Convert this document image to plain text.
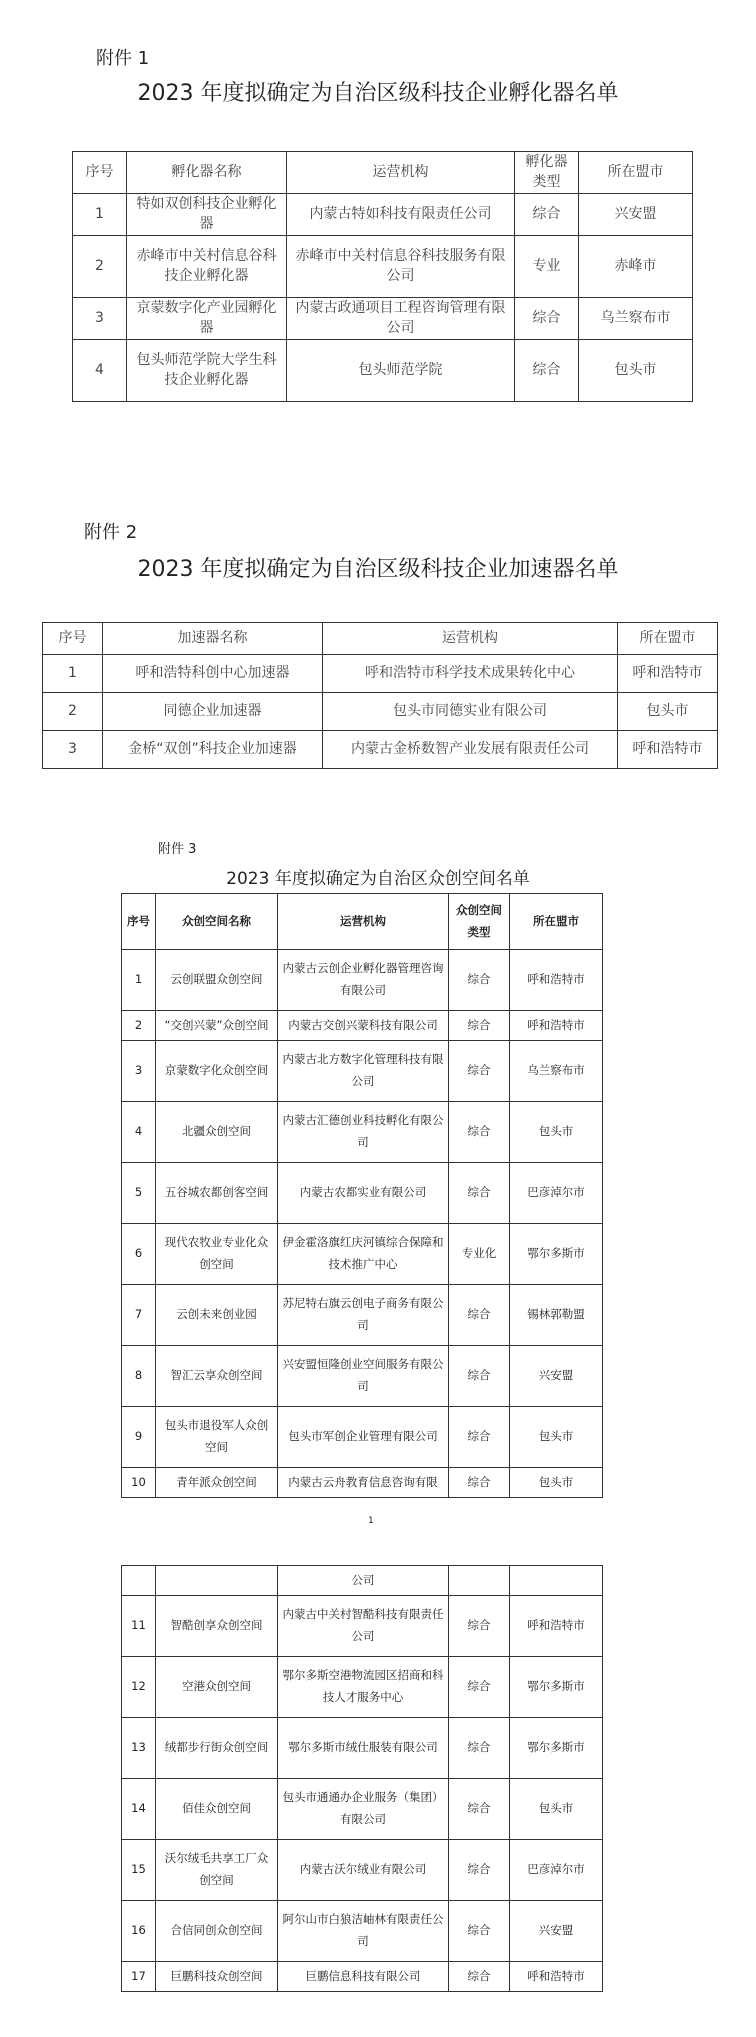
附件 1
2023 年度拟确定为自治区级科技企业孵化器名单
序号	孵化器名称	运营机构	孵化器类型	所在盟市
1	特如双创科技企业孵化器	内蒙古特如科技有限责任公司	综合	兴安盟
2	赤峰市中关村信息谷科技企业孵化器	赤峰市中关村信息谷科技服务有限公司	专业	赤峰市
3	京蒙数字化产业园孵化器	内蒙古政通项目工程咨询管理有限公司	综合	乌兰察布市
4	包头师范学院大学生科技企业孵化器	包头师范学院	综合	包头市
附件 2
2023 年度拟确定为自治区级科技企业加速器名单
序号	加速器名称	运营机构	所在盟市
1	呼和浩特科创中心加速器	呼和浩特市科学技术成果转化中心	呼和浩特市
2	同德企业加速器	包头市同德实业有限公司	包头市
3	金桥“双创”科技企业加速器	内蒙古金桥数智产业发展有限责任公司	呼和浩特市
附件 3
2023 年度拟确定为自治区众创空间名单
序号	众创空间名称	运营机构	众创空间类型	所在盟市
1	云创联盟众创空间	内蒙古云创企业孵化器管理咨询有限公司	综合	呼和浩特市
2	“交创兴蒙”众创空间	内蒙古交创兴蒙科技有限公司	综合	呼和浩特市
3	京蒙数字化众创空间	内蒙古北方数字化管理科技有限公司	综合	乌兰察布市
4	北疆众创空间	内蒙古汇德创业科技孵化有限公司	综合	包头市
5	五谷城农都创客空间	内蒙古农都实业有限公司	综合	巴彦淖尔市
6	现代农牧业专业化众创空间	伊金霍洛旗红庆河镇综合保障和技术推广中心	专业化	鄂尔多斯市
7	云创未来创业园	苏尼特右旗云创电子商务有限公司	综合	锡林郭勒盟
8	智汇云享众创空间	兴安盟恒隆创业空间服务有限公司	综合	兴安盟
9	包头市退役军人众创空间	包头市军创企业管理有限公司	综合	包头市
10	青年派众创空间	内蒙古云舟教育信息咨询有限	综合	包头市
1
		公司		
11	智酷创享众创空间	内蒙古中关村智酷科技有限责任公司	综合	呼和浩特市
12	空港众创空间	鄂尔多斯空港物流园区招商和科技人才服务中心	综合	鄂尔多斯市
13	绒都步行街众创空间	鄂尔多斯市绒仕服装有限公司	综合	鄂尔多斯市
14	佰佳众创空间	包头市通通办企业服务（集团）有限公司	综合	包头市
15	沃尔绒毛共享工厂众创空间	内蒙古沃尔绒业有限公司	综合	巴彦淖尔市
16	合信同创众创空间	阿尔山市白狼洁岫林有限责任公司	综合	兴安盟
17	巨鹏科技众创空间	巨鹏信息科技有限公司	综合	呼和浩特市
